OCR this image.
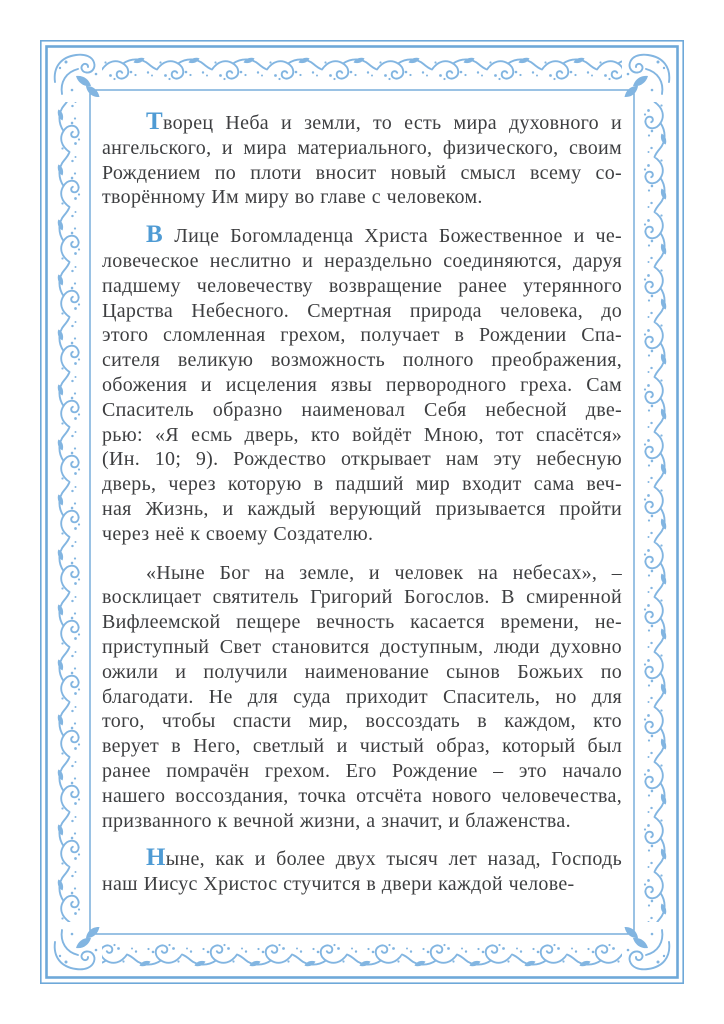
Творец Неба и земли, то есть мира духовного и
ангельского, и мира материального, физического, своим
Рождением по плоти вносит новый смысл всему со-
творённому Им миру во главе с человеком.

В Лице Богомладенца Христа Божественное и че-
ловеческое неслитно и нераздельно соединяются, даруя
падшему человечеству возвращение ранее утерянного
Царства Небесного. Смертная природа человека, до
этого сломленная грехом, получает в Рождении Спа-
сителя великую возможность полного преображения,
обожения и исцеления язвы первородного греха. Сам
Спаситель образно наименовал Себя небесной две-
рью: «Я есмь дверь, кто войдёт Мною, тот спасётся»
(Ин. 10; 9). Рождество открывает нам эту небесную
дверь, через которую в падший мир входит сама веч-
ная Жизнь, и каждый верующий призывается пройти
через неё к своему Создателю.

«Ныне Бог на земле, и человек на небесах», –
восклицает святитель Григорий Богослов. В смиренной
Вифлеемской пещере вечность касается времени, не-
приступный Свет становится доступным, люди духовно
ожили и получили наименование сынов Божьих по
благодати. Не для суда приходит Спаситель, но для
того, чтобы спасти мир, воссоздать в каждом, кто
верует в Него, светлый и чистый образ, который был
ранее помрачён грехом. Его Рождение – это начало
нашего воссоздания, точка отсчёта нового человечества,
призванного к вечной жизни, а значит, и блаженства.

Ныне, как и более двух тысяч лет назад, Господь
наш Иисус Христос стучится в двери каждой челове-
